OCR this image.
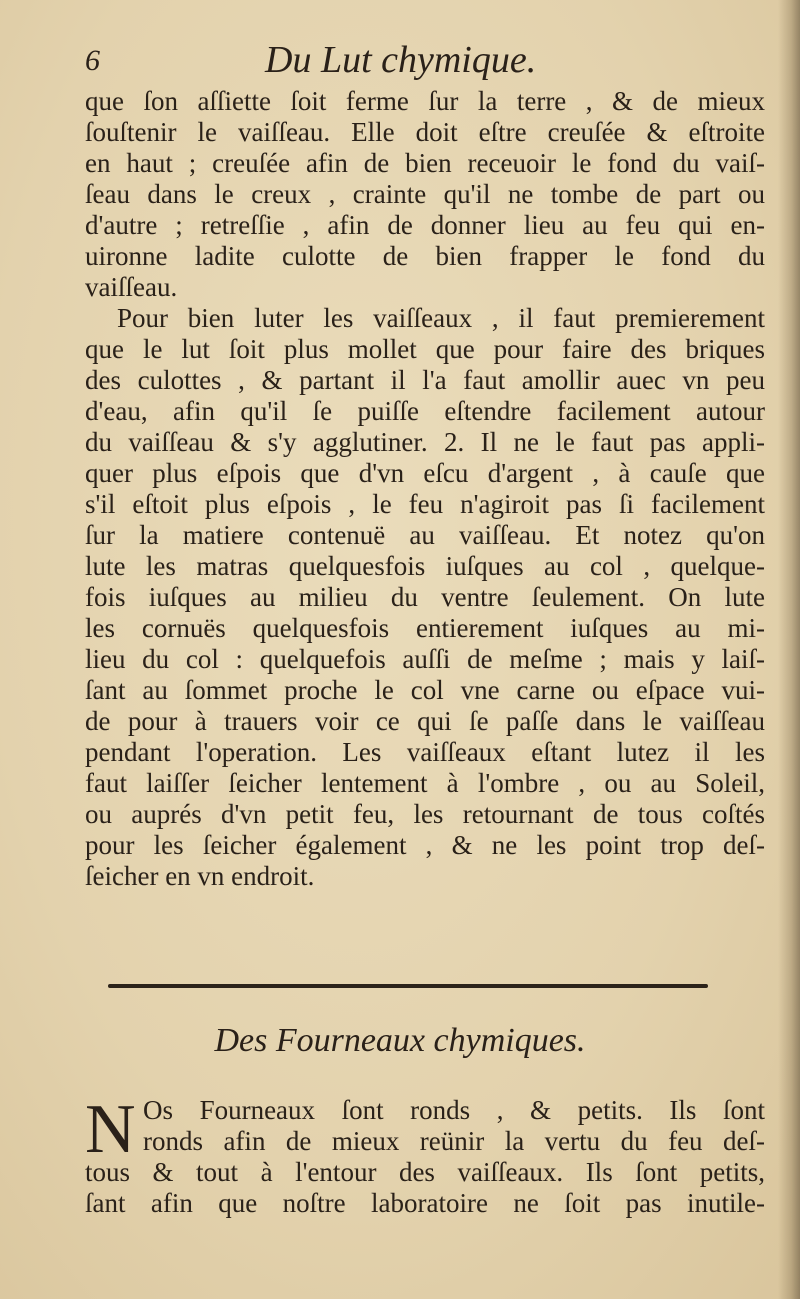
6	Du Lut chymique.
que ſon aſſiette ſoit ferme ſur la terre , & de mieux
ſouſtenir le vaiſſeau. Elle doit eſtre creuſée & eſtroite
en haut ; creuſée afin de bien receuoir le fond du vaiſ-
ſeau dans le creux , crainte qu'il ne tombe de part ou
d'autre ; retreſſie , afin de donner lieu au feu qui en-
uironne ladite culotte de bien frapper le fond du
vaiſſeau.
Pour bien luter les vaiſſeaux , il faut premierement
que le lut ſoit plus mollet que pour faire des briques
des culottes , & partant il l'a faut amollir auec vn peu
d'eau, afin qu'il ſe puiſſe eſtendre facilement autour
du vaiſſeau & s'y agglutiner. 2. Il ne le faut pas appli-
quer plus eſpois que d'vn eſcu d'argent , à cauſe que
s'il eſtoit plus eſpois , le feu n'agiroit pas ſi facilement
ſur la matiere contenuë au vaiſſeau. Et notez qu'on
lute les matras quelquesfois iuſques au col , quelque-
fois iuſques au milieu du ventre ſeulement. On lute
les cornuës quelquesfois entierement iuſques au mi-
lieu du col : quelquefois auſſi de meſme ; mais y laiſ-
ſant au ſommet proche le col vne carne ou eſpace vui-
de pour à trauers voir ce qui ſe paſſe dans le vaiſſeau
pendant l'operation. Les vaiſſeaux eſtant lutez il les
faut laiſſer ſeicher lentement à l'ombre , ou au Soleil,
ou auprés d'vn petit feu, les retournant de tous coſtés
pour les ſeicher également , & ne les point trop deſ-
ſeicher en vn endroit.
Des Fourneaux chymiques.
N Os Fourneaux ſont ronds , & petits. Ils ſont
ronds afin de mieux reünir la vertu du feu deſ-
tous & tout à l'entour des vaiſſeaux. Ils ſont petits,
ſant afin que noſtre laboratoire ne ſoit pas inutile-
